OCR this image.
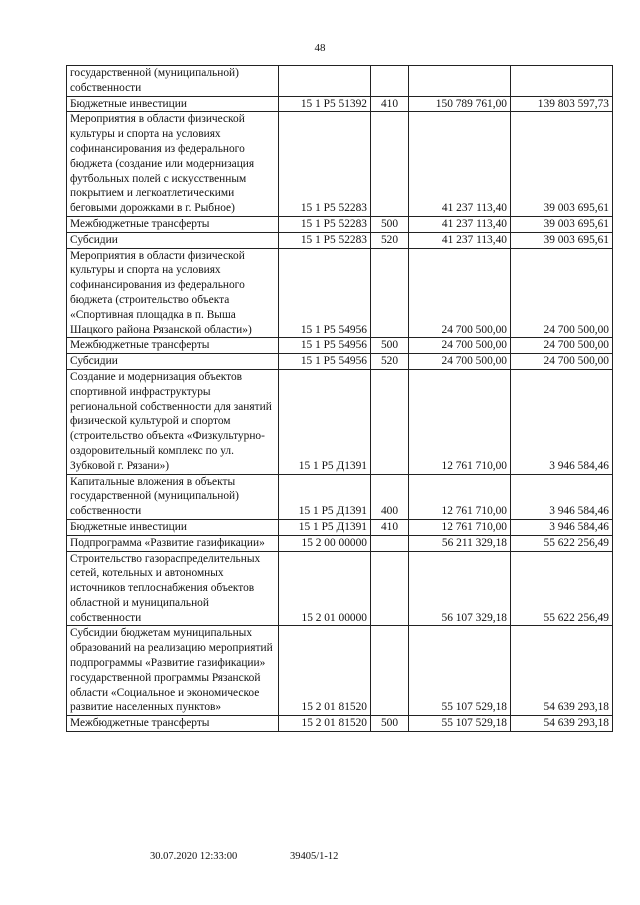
48
государственной (муниципальной) собственности				
Бюджетные инвестиции	15 1 Р5 51392	410	150 789 761,00	139 803 597,73
Мероприятия в области физической культуры и спорта на условиях софинансирования из федерального бюджета (создание или модернизация футбольных полей с искусственным покрытием и легкоатлетическими беговыми дорожками в г. Рыбное)	15 1 Р5 52283		41 237 113,40	39 003 695,61
Межбюджетные трансферты	15 1 Р5 52283	500	41 237 113,40	39 003 695,61
Субсидии	15 1 Р5 52283	520	41 237 113,40	39 003 695,61
Мероприятия в области физической культуры и спорта на условиях софинансирования из федерального бюджета (строительство объекта «Спортивная площадка в п. Выша Шацкого района Рязанской области»)	15 1 Р5 54956		24 700 500,00	24 700 500,00
Межбюджетные трансферты	15 1 Р5 54956	500	24 700 500,00	24 700 500,00
Субсидии	15 1 Р5 54956	520	24 700 500,00	24 700 500,00
Создание и модернизация объектов спортивной инфраструктуры региональной собственности для занятий физической культурой и спортом (строительство объекта «Физкультурно-оздоровительный комплекс по ул. Зубковой г. Рязани»)	15 1 Р5 Д1391		12 761 710,00	3 946 584,46
Капитальные вложения в объекты государственной (муниципальной) собственности	15 1 Р5 Д1391	400	12 761 710,00	3 946 584,46
Бюджетные инвестиции	15 1 Р5 Д1391	410	12 761 710,00	3 946 584,46
Подпрограмма «Развитие газификации»	15 2 00 00000		56 211 329,18	55 622 256,49
Строительство газораспределительных сетей, котельных и автономных источников теплоснабжения объектов областной и муниципальной собственности	15 2 01 00000		56 107 329,18	55 622 256,49
Субсидии бюджетам муниципальных образований на реализацию мероприятий подпрограммы «Развитие газификации» государственной программы Рязанской области «Социальное и экономическое развитие населенных пунктов»	15 2 01 81520		55 107 529,18	54 639 293,18
Межбюджетные трансферты	15 2 01 81520	500	55 107 529,18	54 639 293,18
30.07.2020 12:33:00	39405/1-12
